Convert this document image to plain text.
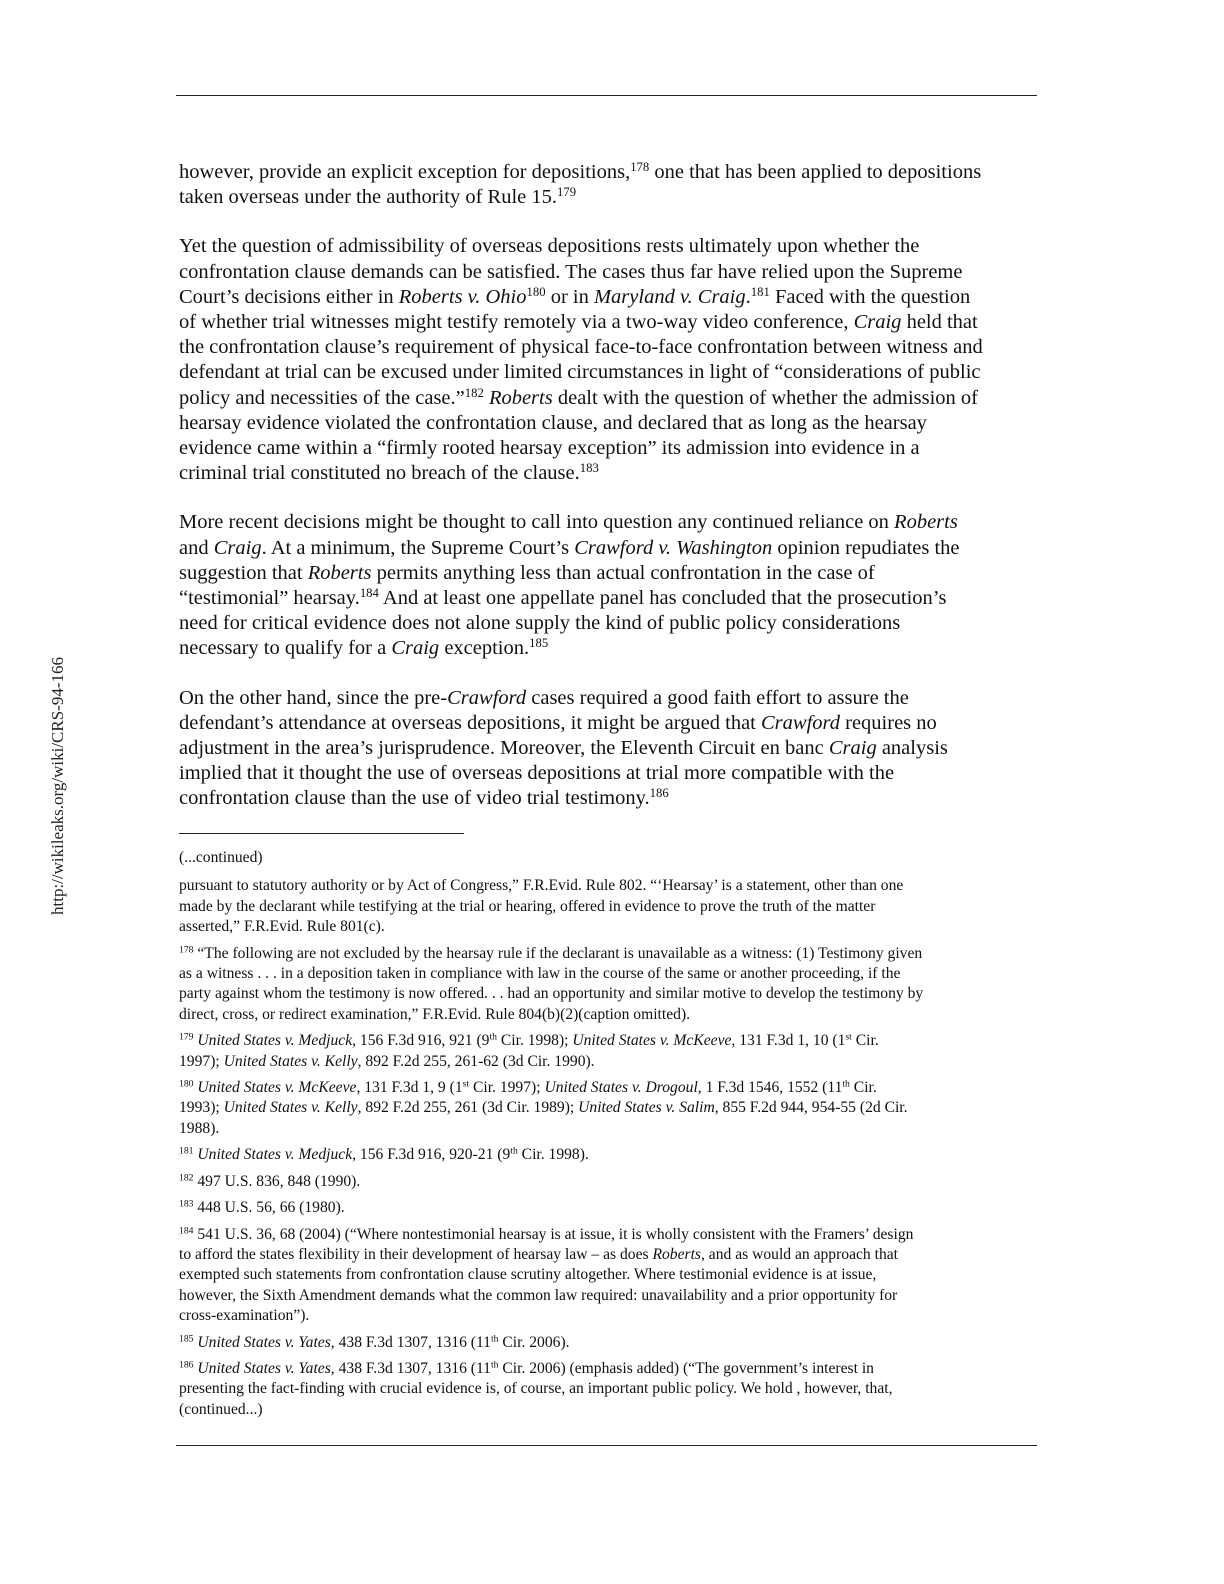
http://wikileaks.org/wiki/CRS-94-166

however, provide an explicit exception for depositions,$^{178}$ one that has been applied to depositions
taken overseas under the authority of Rule 15.$^{179}$

Yet the question of admissibility of overseas depositions rests ultimately upon whether the
confrontation clause demands can be satisfied. The cases thus far have relied upon the Supreme
Court’s decisions either in Roberts v. Ohio$^{180}$ or in Maryland v. Craig.$^{181}$ Faced with the question
of whether trial witnesses might testify remotely via a two-way video conference, Craig held that
the confrontation clause’s requirement of physical face-to-face confrontation between witness and
defendant at trial can be excused under limited circumstances in light of “considerations of public
policy and necessities of the case.”$^{182}$ Roberts dealt with the question of whether the admission of
hearsay evidence violated the confrontation clause, and declared that as long as the hearsay
evidence came within a “firmly rooted hearsay exception” its admission into evidence in a
criminal trial constituted no breach of the clause.$^{183}$

More recent decisions might be thought to call into question any continued reliance on Roberts
and Craig. At a minimum, the Supreme Court’s Crawford v. Washington opinion repudiates the
suggestion that Roberts permits anything less than actual confrontation in the case of
“testimonial” hearsay.$^{184}$ And at least one appellate panel has concluded that the prosecution’s
need for critical evidence does not alone supply the kind of public policy considerations
necessary to qualify for a Craig exception.$^{185}$

On the other hand, since the pre-Crawford cases required a good faith effort to assure the
defendant’s attendance at overseas depositions, it might be argued that Crawford requires no
adjustment in the area’s jurisprudence. Moreover, the Eleventh Circuit en banc Craig analysis
implied that it thought the use of overseas depositions at trial more compatible with the
confrontation clause than the use of video trial testimony.$^{186}$

(...continued)
pursuant to statutory authority or by Act of Congress,” F.R.Evid. Rule 802. “‘Hearsay’ is a statement, other than one
made by the declarant while testifying at the trial or hearing, offered in evidence to prove the truth of the matter
asserted,” F.R.Evid. Rule 801(c).
$^{178}$ “The following are not excluded by the hearsay rule if the declarant is unavailable as a witness: (1) Testimony given
as a witness . . . in a deposition taken in compliance with law in the course of the same or another proceeding, if the
party against whom the testimony is now offered. . . had an opportunity and similar motive to develop the testimony by
direct, cross, or redirect examination,” F.R.Evid. Rule 804(b)(2)(caption omitted).
$^{179}$ United States v. Medjuck, 156 F.3d 916, 921 (9th Cir. 1998); United States v. McKeeve, 131 F.3d 1, 10 (1st Cir.
1997); United States v. Kelly, 892 F.2d 255, 261-62 (3d Cir. 1990).
$^{180}$ United States v. McKeeve, 131 F.3d 1, 9 (1st Cir. 1997); United States v. Drogoul, 1 F.3d 1546, 1552 (11th Cir.
1993); United States v. Kelly, 892 F.2d 255, 261 (3d Cir. 1989); United States v. Salim, 855 F.2d 944, 954-55 (2d Cir.
1988).
$^{181}$ United States v. Medjuck, 156 F.3d 916, 920-21 (9th Cir. 1998).
$^{182}$ 497 U.S. 836, 848 (1990).
$^{183}$ 448 U.S. 56, 66 (1980).
$^{184}$ 541 U.S. 36, 68 (2004) (“Where nontestimonial hearsay is at issue, it is wholly consistent with the Framers’ design
to afford the states flexibility in their development of hearsay law – as does Roberts, and as would an approach that
exempted such statements from confrontation clause scrutiny altogether. Where testimonial evidence is at issue,
however, the Sixth Amendment demands what the common law required: unavailability and a prior opportunity for
cross-examination”).
$^{185}$ United States v. Yates, 438 F.3d 1307, 1316 (11th Cir. 2006).
$^{186}$ United States v. Yates, 438 F.3d 1307, 1316 (11th Cir. 2006) (emphasis added) (“The government’s interest in
presenting the fact-finding with crucial evidence is, of course, an important public policy. We hold , however, that,
(continued...)
